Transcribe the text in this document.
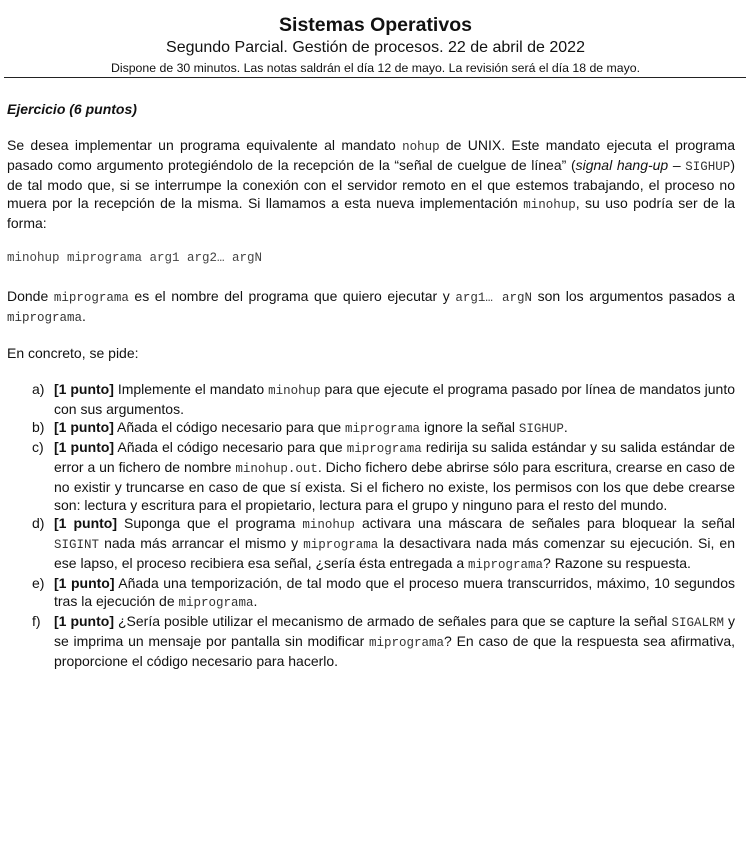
Sistemas Operativos

Segundo Parcial. Gestión de procesos. 22 de abril de 2022

Dispone de 30 minutos. Las notas saldrán el día 12 de mayo. La revisión será el día 18 de mayo.

Ejercicio (6 puntos)

Se desea implementar un programa equivalente al mandato nohup de UNIX. Este mandato ejecuta el programa pasado como argumento protegiéndolo de la recepción de la “señal de cuelgue de línea” (signal hang-up – SIGHUP) de tal modo que, si se interrumpe la conexión con el servidor remoto en el que estemos trabajando, el proceso no muera por la recepción de la misma. Si llamamos a esta nueva implementación minohup, su uso podría ser de la forma:

minohup miprograma arg1 arg2… argN

Donde miprograma es el nombre del programa que quiero ejecutar y arg1… argN son los argumentos pasados a miprograma.

En concreto, se pide:

a) [1 punto] Implemente el mandato minohup para que ejecute el programa pasado por línea de mandatos junto con sus argumentos.
b) [1 punto] Añada el código necesario para que miprograma ignore la señal SIGHUP.
c) [1 punto] Añada el código necesario para que miprograma redirija su salida estándar y su salida estándar de error a un fichero de nombre minohup.out. Dicho fichero debe abrirse sólo para escritura, crearse en caso de no existir y truncarse en caso de que sí exista. Si el fichero no existe, los permisos con los que debe crearse son: lectura y escritura para el propietario, lectura para el grupo y ninguno para el resto del mundo.
d) [1 punto] Suponga que el programa minohup activara una máscara de señales para bloquear la señal SIGINT nada más arrancar el mismo y miprograma la desactivara nada más comenzar su ejecución. Si, en ese lapso, el proceso recibiera esa señal, ¿sería ésta entregada a miprograma? Razone su respuesta.
e) [1 punto] Añada una temporización, de tal modo que el proceso muera transcurridos, máximo, 10 segundos tras la ejecución de miprograma.
f) [1 punto] ¿Sería posible utilizar el mecanismo de armado de señales para que se capture la señal SIGALRM y se imprima un mensaje por pantalla sin modificar miprograma? En caso de que la respuesta sea afirmativa, proporcione el código necesario para hacerlo.
